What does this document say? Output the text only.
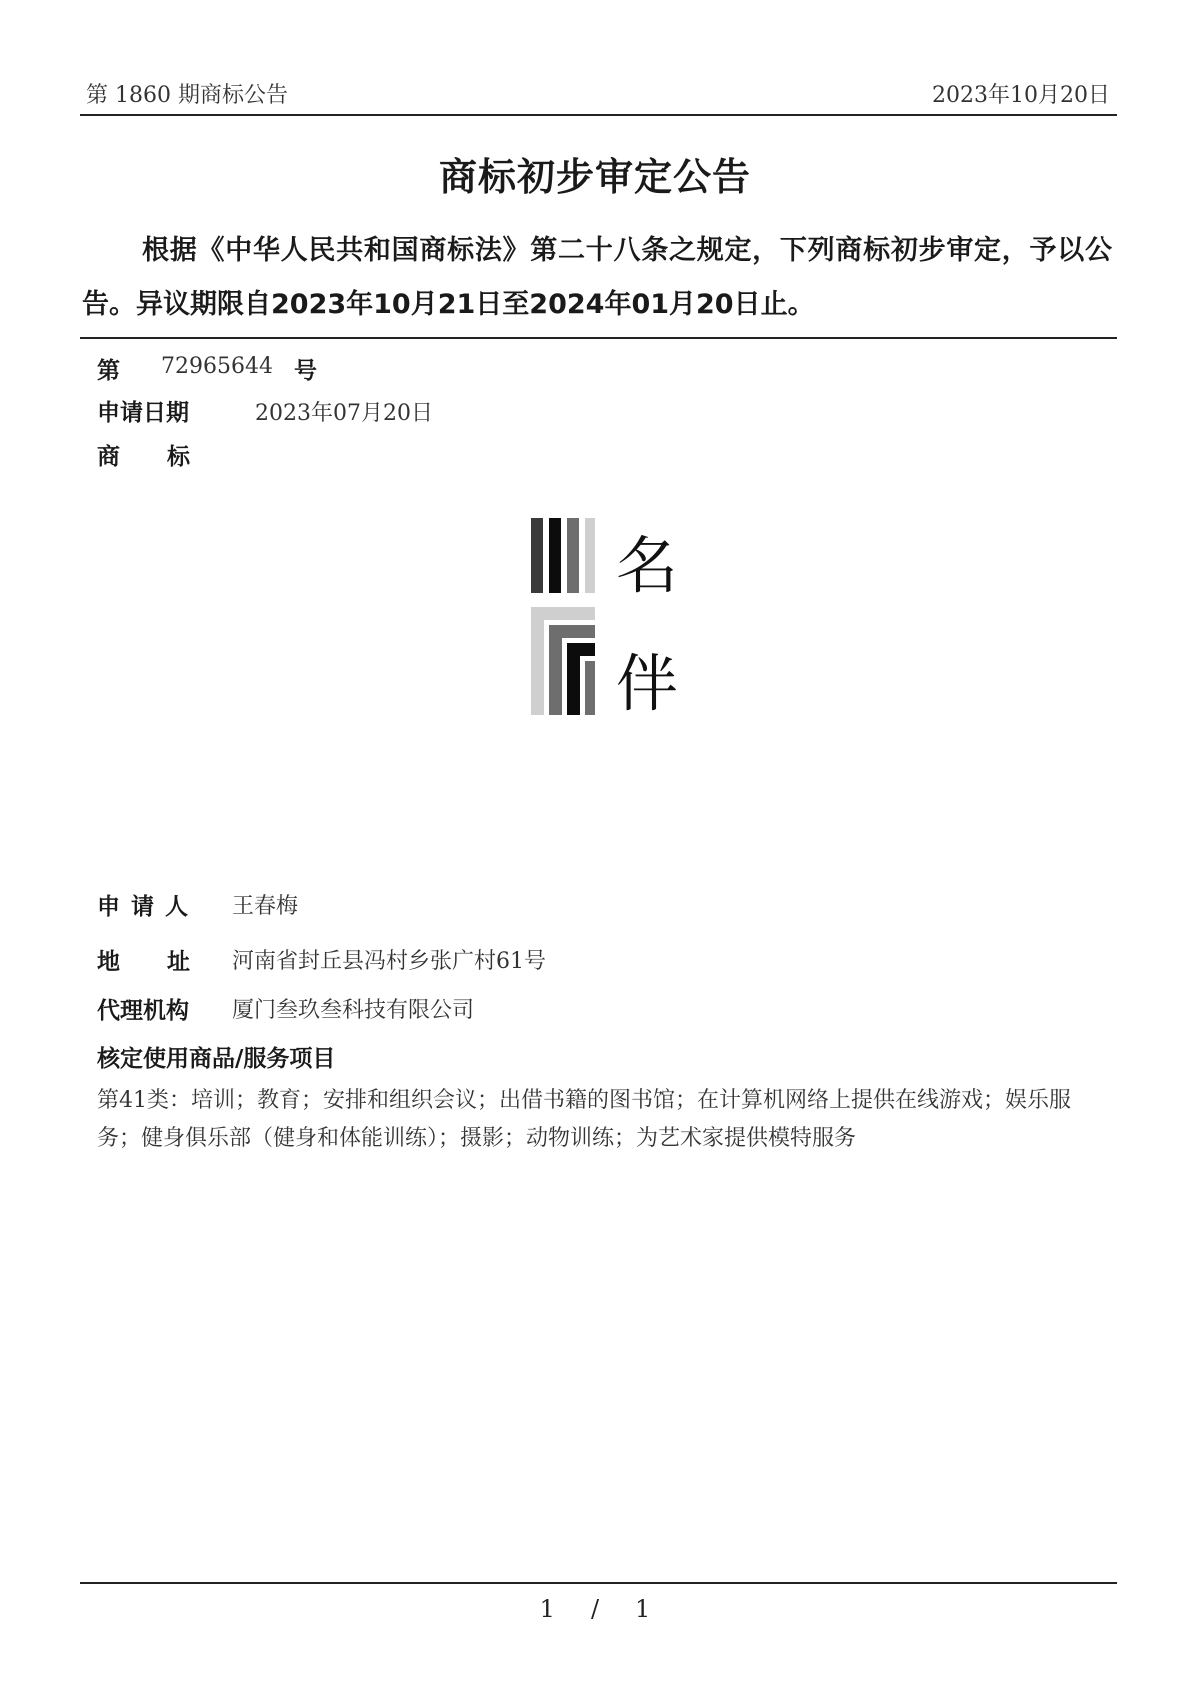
第 1860 期商标公告	2023年10月20日
商标初步审定公告
根据《中华人民共和国商标法》第二十八条之规定，下列商标初步审定，予以公告。异议期限自2023年10月21日至2024年01月20日止。
第 72965644 号
申请日期	2023年07月20日
商 标
名
伴
申 请 人 王春梅
地 址 河南省封丘县冯村乡张广村61号
代理机构 厦门叁玖叁科技有限公司
核定使用商品/服务项目
第41类：培训；教育；安排和组织会议；出借书籍的图书馆；在计算机网络上提供在线游戏；娱乐服务；健身俱乐部（健身和体能训练）；摄影；动物训练；为艺术家提供模特服务
1 / 1
